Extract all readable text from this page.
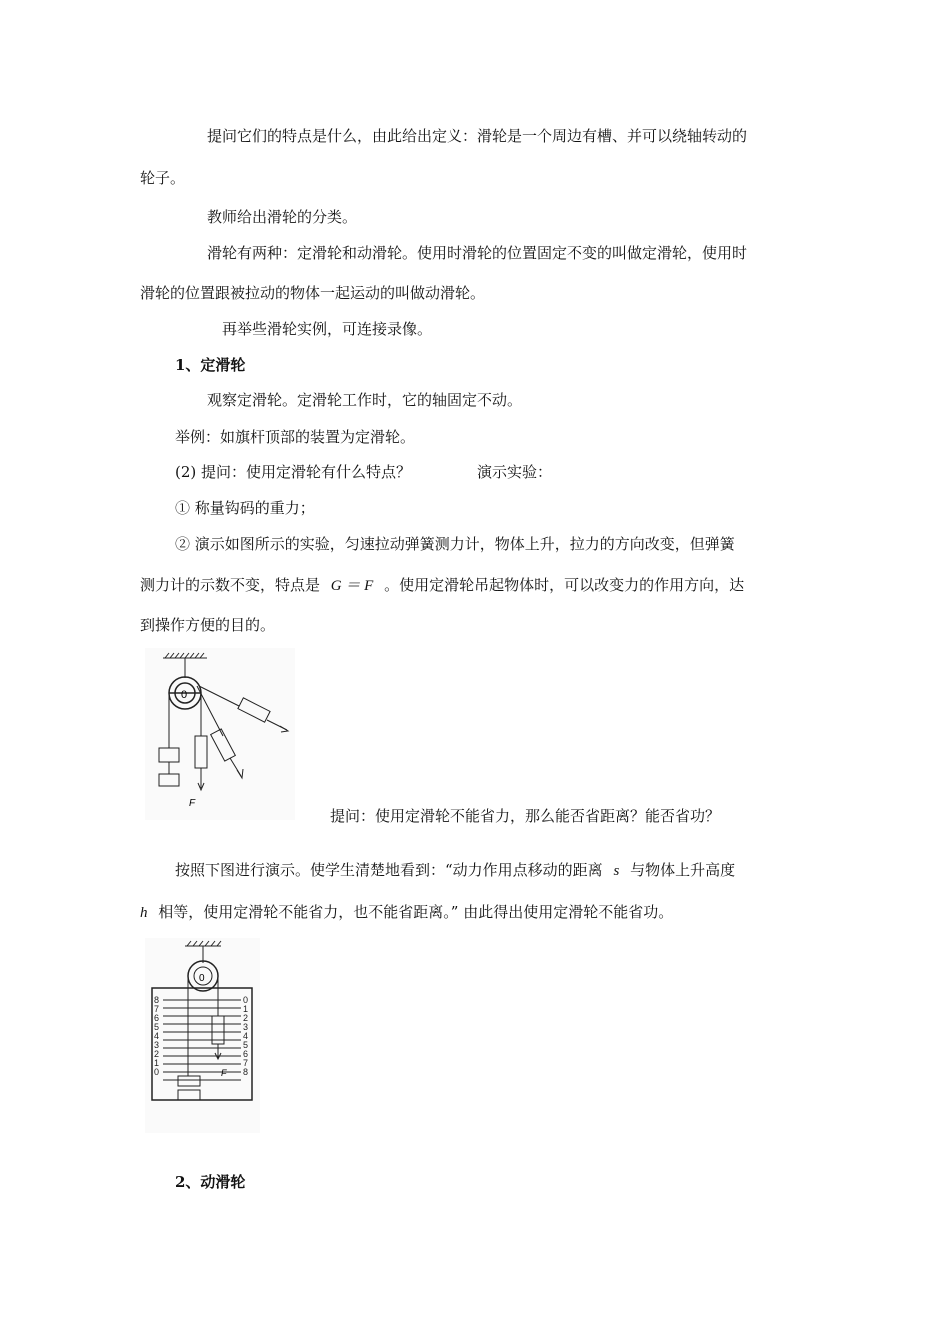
提问它们的特点是什么，由此给出定义：滑轮是一个周边有槽、并可以绕轴转动的
轮子。
教师给出滑轮的分类。
滑轮有两种：定滑轮和动滑轮。使用时滑轮的位置固定不变的叫做定滑轮，使用时
滑轮的位置跟被拉动的物体一起运动的叫做动滑轮。
再举些滑轮实例，可连接录像。
1、定滑轮
观察定滑轮。定滑轮工作时，它的轴固定不动。
举例：如旗杆顶部的装置为定滑轮。
(2) 提问：使用定滑轮有什么特点？	演示实验：
① 称量钩码的重力；
② 演示如图所示的实验，匀速拉动弹簧测力计，物体上升，拉力的方向改变，但弹簧
测力计的示数不变，特点是 G ＝ F 。使用定滑轮吊起物体时，可以改变力的作用方向，达
到操作方便的目的。
提问：使用定滑轮不能省力，那么能否省距离？能否省功？
按照下图进行演示。使学生清楚地看到：“动力作用点移动的距离 s 与物体上升高度
h 相等，使用定滑轮不能省力，也不能省距离。” 由此得出使用定滑轮不能省功。
2、动滑轮
0
F
0
F
8
7
6
5
4
3
2
1
0
0
1
2
3
4
5
6
7
8
